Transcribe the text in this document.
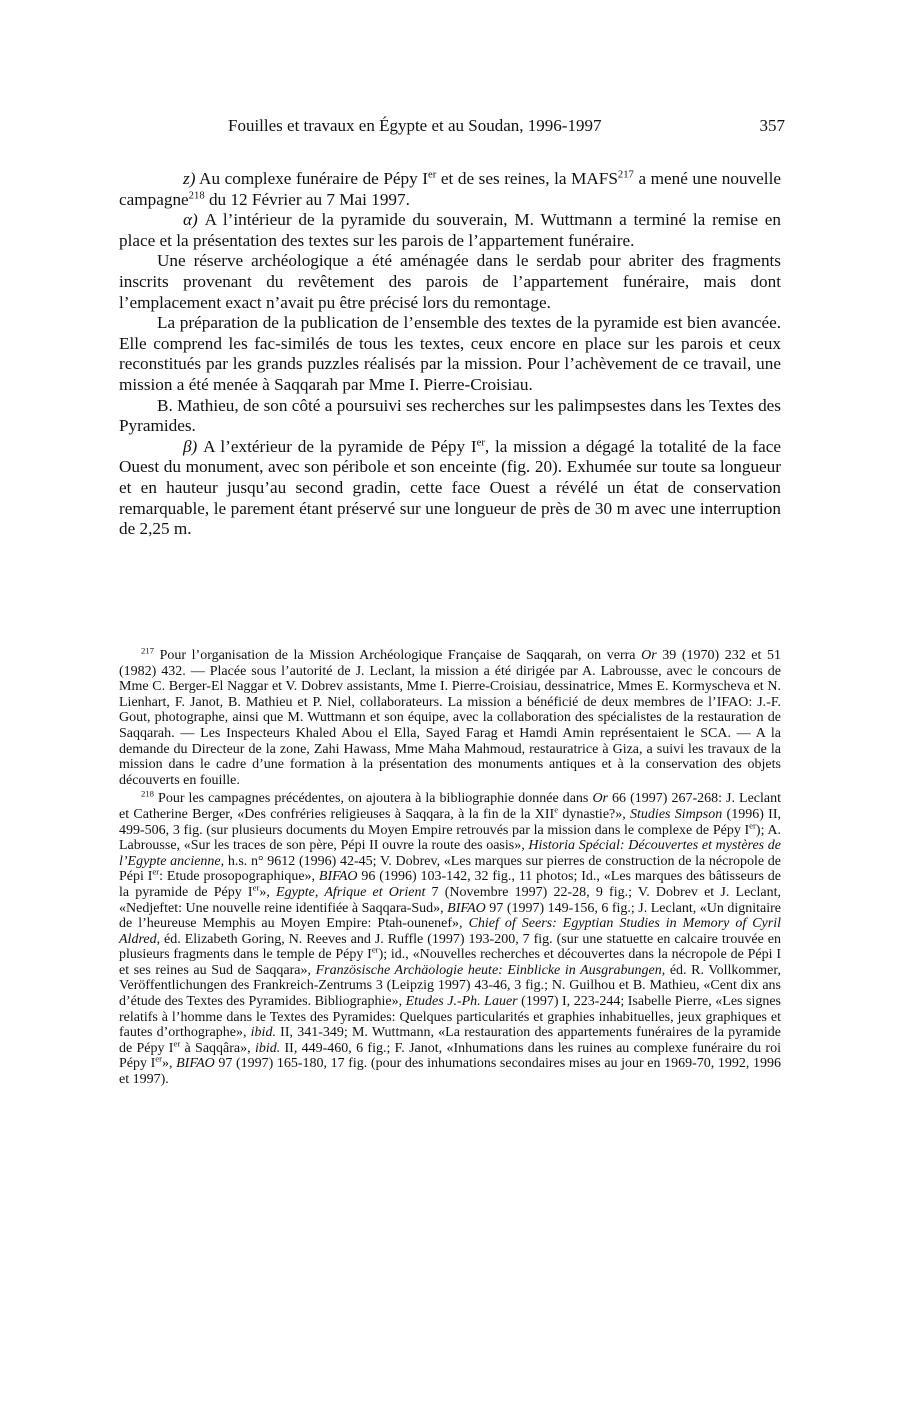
Fouilles et travaux en Égypte et au Soudan, 1996-1997	357

z) Au complexe funéraire de Pépy Ier et de ses reines, la MAFS$^{217}$ a mené une nouvelle campagne$^{218}$ du 12 Février au 7 Mai 1997.

α) A l’intérieur de la pyramide du souverain, M. Wuttmann a terminé la remise en place et la présentation des textes sur les parois de l’appartement funéraire.

Une réserve archéologique a été aménagée dans le serdab pour abriter des fragments inscrits provenant du revêtement des parois de l’appartement funéraire, mais dont l’emplacement exact n’avait pu être précisé lors du remontage.

La préparation de la publication de l’ensemble des textes de la pyramide est bien avancée. Elle comprend les fac-similés de tous les textes, ceux encore en place sur les parois et ceux reconstitués par les grands puzzles réalisés par la mission. Pour l’achèvement de ce travail, une mission a été menée à Saqqarah par Mme I. Pierre-Croisiau.

B. Mathieu, de son côté a poursuivi ses recherches sur les palimpsestes dans les Textes des Pyramides.

β) A l’extérieur de la pyramide de Pépy Ier, la mission a dégagé la totalité de la face Ouest du monument, avec son péribole et son enceinte (fig. 20). Exhumée sur toute sa longueur et en hauteur jusqu’au second gradin, cette face Ouest a révélé un état de conservation remarquable, le parement étant préservé sur une longueur de près de 30 m avec une interruption de 2,25 m.

$^{217}$ Pour l’organisation de la Mission Archéologique Française de Saqqarah, on verra Or 39 (1970) 232 et 51 (1982) 432. — Placée sous l’autorité de J. Leclant, la mission a été dirigée par A. Labrousse, avec le concours de Mme C. Berger-El Naggar et V. Dobrev assistants, Mme I. Pierre-Croisiau, dessinatrice, Mmes E. Kormyscheva et N. Lienhart, F. Janot, B. Mathieu et P. Niel, collaborateurs. La mission a bénéficié de deux membres de l’IFAO: J.-F. Gout, photographe, ainsi que M. Wuttmann et son équipe, avec la collaboration des spécialistes de la restauration de Saqqarah. — Les Inspecteurs Khaled Abou el Ella, Sayed Farag et Hamdi Amin représentaient le SCA. — A la demande du Directeur de la zone, Zahi Hawass, Mme Maha Mahmoud, restauratrice à Giza, a suivi les travaux de la mission dans le cadre d’une formation à la présentation des monuments antiques et à la conservation des objets découverts en fouille.

$^{218}$ Pour les campagnes précédentes, on ajoutera à la bibliographie donnée dans Or 66 (1997) 267-268: J. Leclant et Catherine Berger, «Des confréries religieuses à Saqqara, à la fin de la XIIe dynastie?», Studies Simpson (1996) II, 499-506, 3 fig. (sur plusieurs documents du Moyen Empire retrouvés par la mission dans le complexe de Pépy Ier); A. Labrousse, «Sur les traces de son père, Pépi II ouvre la route des oasis», Historia Spécial: Découvertes et mystères de l’Egypte ancienne, h.s. n° 9612 (1996) 42-45; V. Dobrev, «Les marques sur pierres de construction de la nécropole de Pépi Ier: Etude prosopographique», BIFAO 96 (1996) 103-142, 32 fig., 11 photos; Id., «Les marques des bâtisseurs de la pyramide de Pépy Ier», Egypte, Afrique et Orient 7 (Novembre 1997) 22-28, 9 fig.; V. Dobrev et J. Leclant, «Nedjeftet: Une nouvelle reine identifiée à Saqqara-Sud», BIFAO 97 (1997) 149-156, 6 fig.; J. Leclant, «Un dignitaire de l’heureuse Memphis au Moyen Empire: Ptah-ounenef», Chief of Seers: Egyptian Studies in Memory of Cyril Aldred, éd. Elizabeth Goring, N. Reeves and J. Ruffle (1997) 193-200, 7 fig. (sur une statuette en calcaire trouvée en plusieurs fragments dans le temple de Pépy Ier); id., «Nouvelles recherches et découvertes dans la nécropole de Pépi I et ses reines au Sud de Saqqara», Französische Archäologie heute: Einblicke in Ausgrabungen, éd. R. Vollkommer, Veröffentlichungen des Frankreich-Zentrums 3 (Leipzig 1997) 43-46, 3 fig.; N. Guilhou et B. Mathieu, «Cent dix ans d’étude des Textes des Pyramides. Bibliographie», Etudes J.-Ph. Lauer (1997) I, 223-244; Isabelle Pierre, «Les signes relatifs à l’homme dans le Textes des Pyramides: Quelques particularités et graphies inhabituelles, jeux graphiques et fautes d’orthographe», ibid. II, 341-349; M. Wuttmann, «La restauration des appartements funéraires de la pyramide de Pépy Ier à Saqqâra», ibid. II, 449-460, 6 fig.; F. Janot, «Inhumations dans les ruines au complexe funéraire du roi Pépy Ier», BIFAO 97 (1997) 165-180, 17 fig. (pour des inhumations secondaires mises au jour en 1969-70, 1992, 1996 et 1997).
